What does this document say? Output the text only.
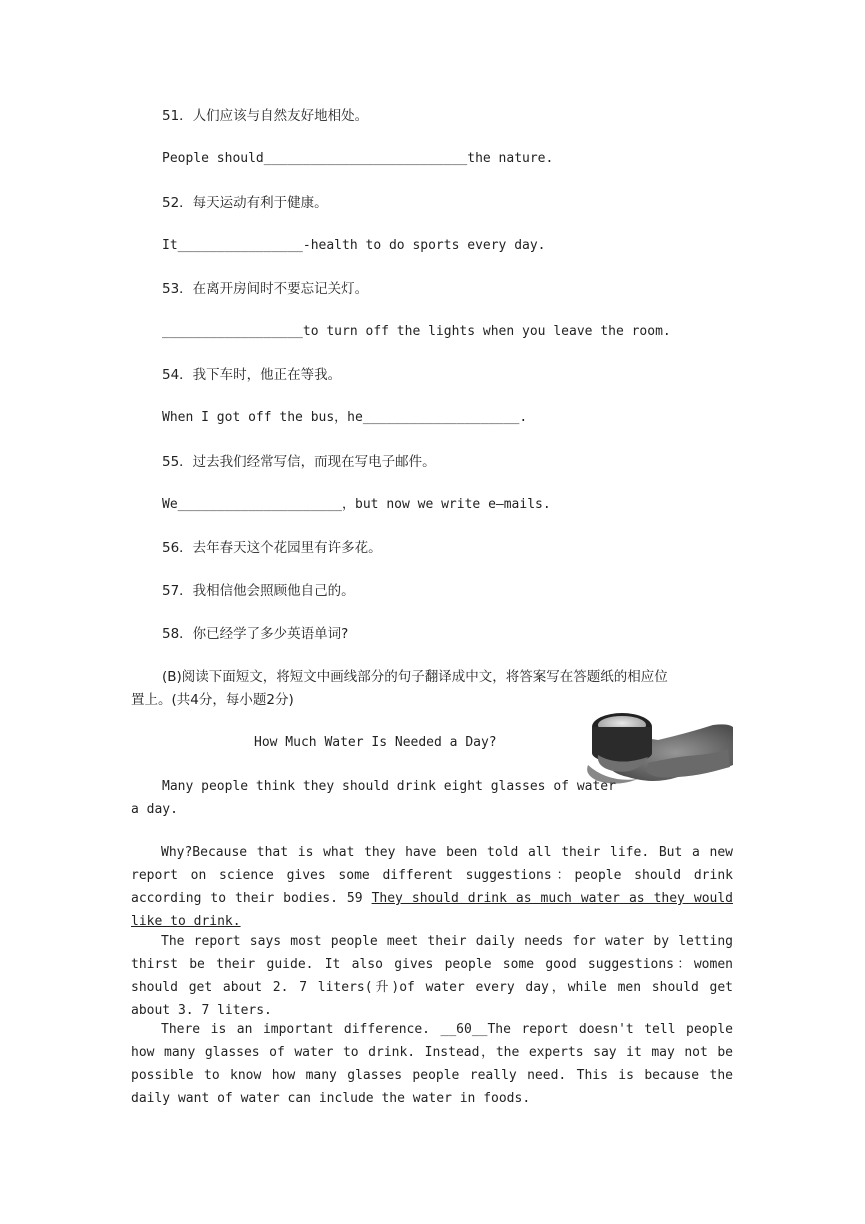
51．人们应该与自然友好地相处。
People should__________________________the nature.
52．每天运动有利于健康。
It________________-health to do sports every day.
53．在离开房间时不要忘记关灯。
__________________to turn off the lights when you leave the room.
54．我下车时，他正在等我。
When I got off the bus，he____________________.
55．过去我们经常写信，而现在写电子邮件。
We_____________________，but now we write e—mails.
56．去年春天这个花园里有许多花。
57．我相信他会照顾他自己的。
58．你已经学了多少英语单词?
(B)阅读下面短文，将短文中画线部分的句子翻译成中文，将答案写在答题纸的相应位
置上。(共4分，每小题2分)
How Much Water Is Needed a Day?
Many people think they should drink eight glasses of water
a day.
Why?Because that is what they have been told all their life. But a new report on science gives some different suggestions：people should drink according to their bodies. 59 They should drink as much water as they would like to drink.
The report says most people meet their daily needs for water by letting thirst be their guide. It also gives people some good suggestions：women should get about 2. 7 liters(升)of water every day，while men should get about 3. 7 liters.
There is an important difference. __60__The report doesn't tell people how many glasses of water to drink. Instead，the experts say it may not be possible to know how many glasses people really need. This is because the daily want of water can include the water in foods.
